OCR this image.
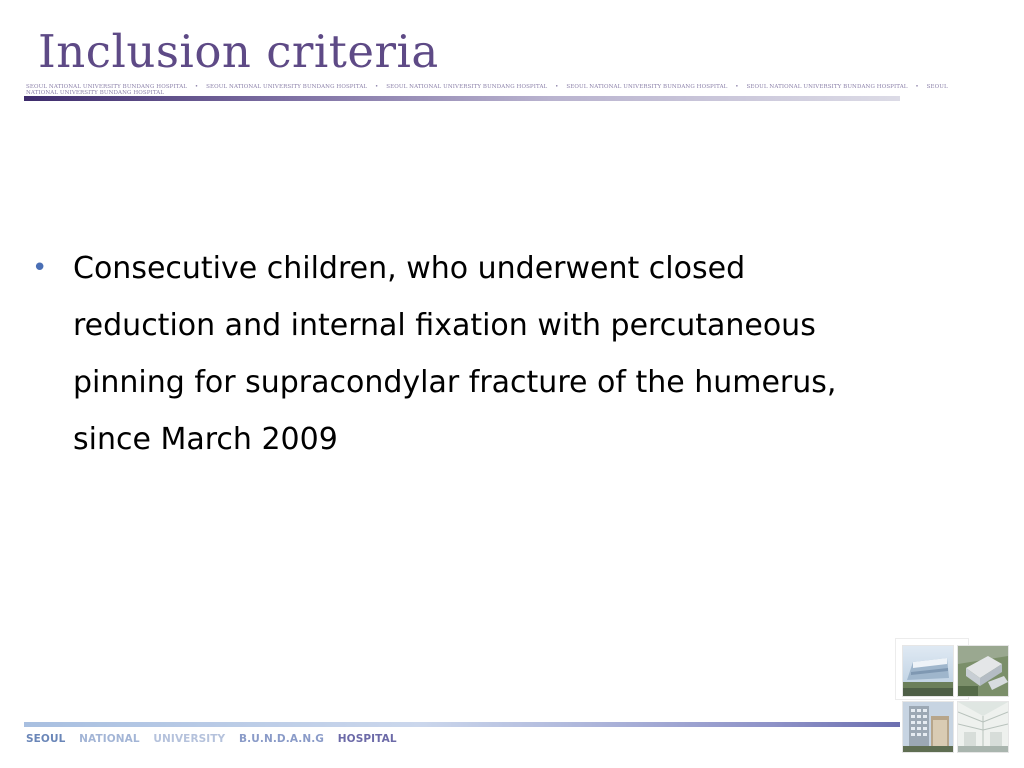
Inclusion criteria
SEOUL NATIONAL UNIVERSITY BUNDANG HOSPITAL • SEOUL NATIONAL UNIVERSITY BUNDANG HOSPITAL • SEOUL NATIONAL UNIVERSITY BUNDANG HOSPITAL • SEOUL NATIONAL UNIVERSITY BUNDANG HOSPITAL • SEOUL NATIONAL UNIVERSITY BUNDANG HOSPITAL • SEOUL NATIONAL UNIVERSITY BUNDANG HOSPITAL
• Consecutive children, who underwent closed reduction and internal fixation with percutaneous pinning for supracondylar fracture of the humerus, since March 2009

SEOUL NATIONAL UNIVERSITY B.U.N.D.A.N.G HOSPITAL
